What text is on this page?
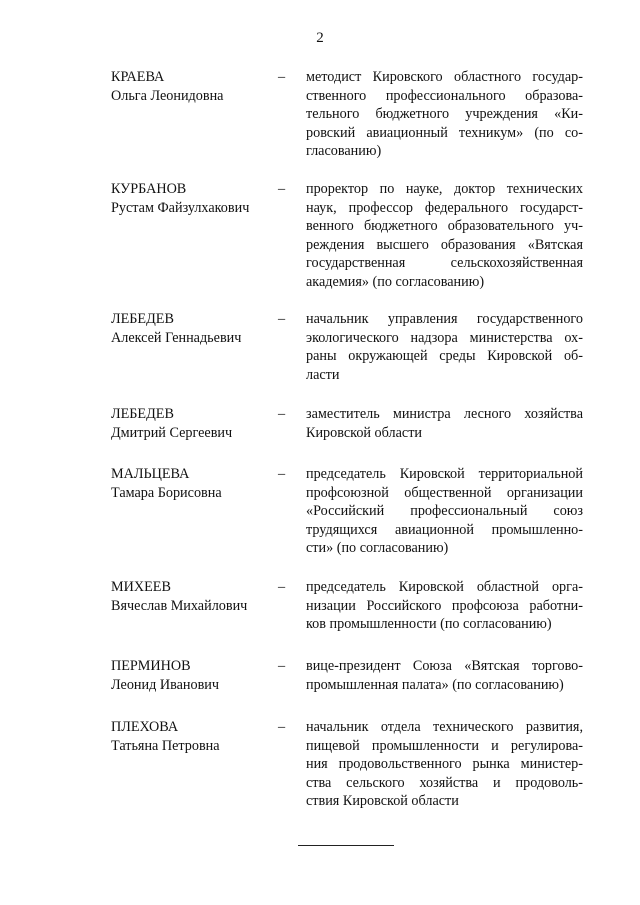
2
КРАЕВА
Ольга Леонидовна
– методист Кировского областного государ-
ственного профессионального образова-
тельного бюджетного учреждения «Ки-
ровский авиационный техникум» (по со-
гласованию)
КУРБАНОВ
Рустам Файзулхакович
– проректор по науке, доктор технических
наук, профессор федерального государст-
венного бюджетного образовательного уч-
реждения высшего образования «Вятская
государственная сельскохозяйственная
академия» (по согласованию)
ЛЕБЕДЕВ
Алексей Геннадьевич
– начальник управления государственного
экологического надзора министерства ох-
раны окружающей среды Кировской об-
ласти
ЛЕБЕДЕВ
Дмитрий Сергеевич
– заместитель министра лесного хозяйства
Кировской области
МАЛЬЦЕВА
Тамара Борисовна
– председатель Кировской территориальной
профсоюзной общественной организации
«Российский профессиональный союз
трудящихся авиационной промышленно-
сти» (по согласованию)
МИХЕЕВ
Вячеслав Михайлович
– председатель Кировской областной орга-
низации Российского профсоюза работни-
ков промышленности (по согласованию)
ПЕРМИНОВ
Леонид Иванович
– вице-президент Союза «Вятская торгово-
промышленная палата» (по согласованию)
ПЛЕХОВА
Татьяна Петровна
– начальник отдела технического развития,
пищевой промышленности и регулирова-
ния продовольственного рынка министер-
ства сельского хозяйства и продоволь-
ствия Кировской области
